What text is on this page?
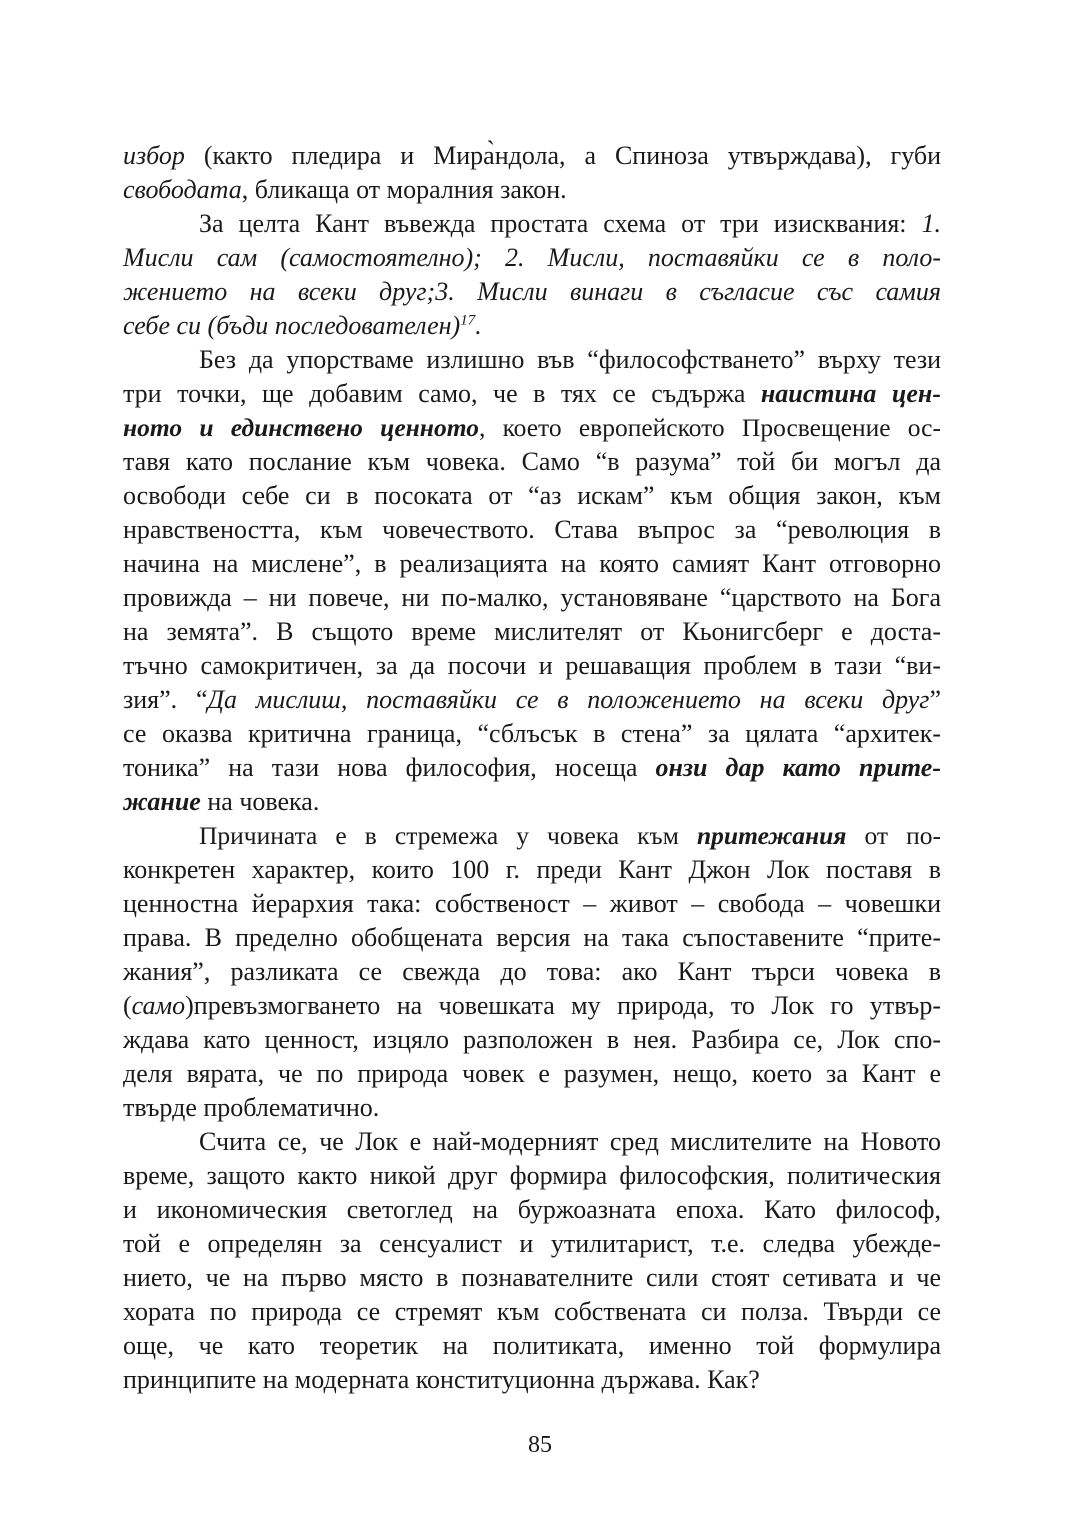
избор (както пледира и Мира̀ндола, а Спиноза утвърждава), губи
свободата, бликаща от моралния закон.
За целта Кант въвежда простата схема от три изисквания: 1.
Мисли сам (самостоятелно); 2. Мисли, поставяйки се в поло-
жението на всеки друг;3. Мисли винаги в съгласие със самия
себе си (бъди последователен)$^{17}$.
Без да упорстваме излишно във “философстването” върху тези
три точки, ще добавим само, че в тях се съдържа наистина цен-
ното и единствено ценното, което европейското Просвещение ос-
тавя като послание към човека. Само “в разума” той би могъл да
освободи себе си в посоката от “аз искам” към общия закон, към
нравствеността, към човечеството. Става въпрос за “революция в
начина на мислене”, в реализацията на която самият Кант отговорно
провижда – ни повече, ни по-малко, установяване “царството на Бога
на земята”. В същото време мислителят от Кьонигсберг е доста-
тъчно самокритичен, за да посочи и решаващия проблем в тази “ви-
зия”. “Да мислиш, поставяйки се в положението на всеки друг”
се оказва критична граница, “сблъсък в стена” за цялата “архитек-
тоника” на тази нова философия, носеща онзи дар като прите-
жание на човека.
Причината е в стремежа у човека към притежания от по-
конкретен характер, които 100 г. преди Кант Джон Лок поставя в
ценностна йерархия така: собственост – живот – свобода – човешки
права. В пределно обобщената версия на така съпоставените “прите-
жания”, разликата се свежда до това: ако Кант търси човека в
(само)превъзмогването на човешката му природа, то Лок го утвър-
ждава като ценност, изцяло разположен в нея. Разбира се, Лок спо-
деля вярата, че по природа човек е разумен, нещо, което за Кант е
твърде проблематично.
Счита се, че Лок е най-модерният сред мислителите на Новото
време, защото както никой друг формира философския, политическия
и икономическия светоглед на буржоазната епоха. Като философ,
той е определян за сенсуалист и утилитарист, т.е. следва убежде-
нието, че на първо място в познавателните сили стоят сетивата и че
хората по природа се стремят към собствената си полза. Твърди се
още, че като теоретик на политиката, именно той формулира
принципите на модерната конституционна държава. Как?
85
